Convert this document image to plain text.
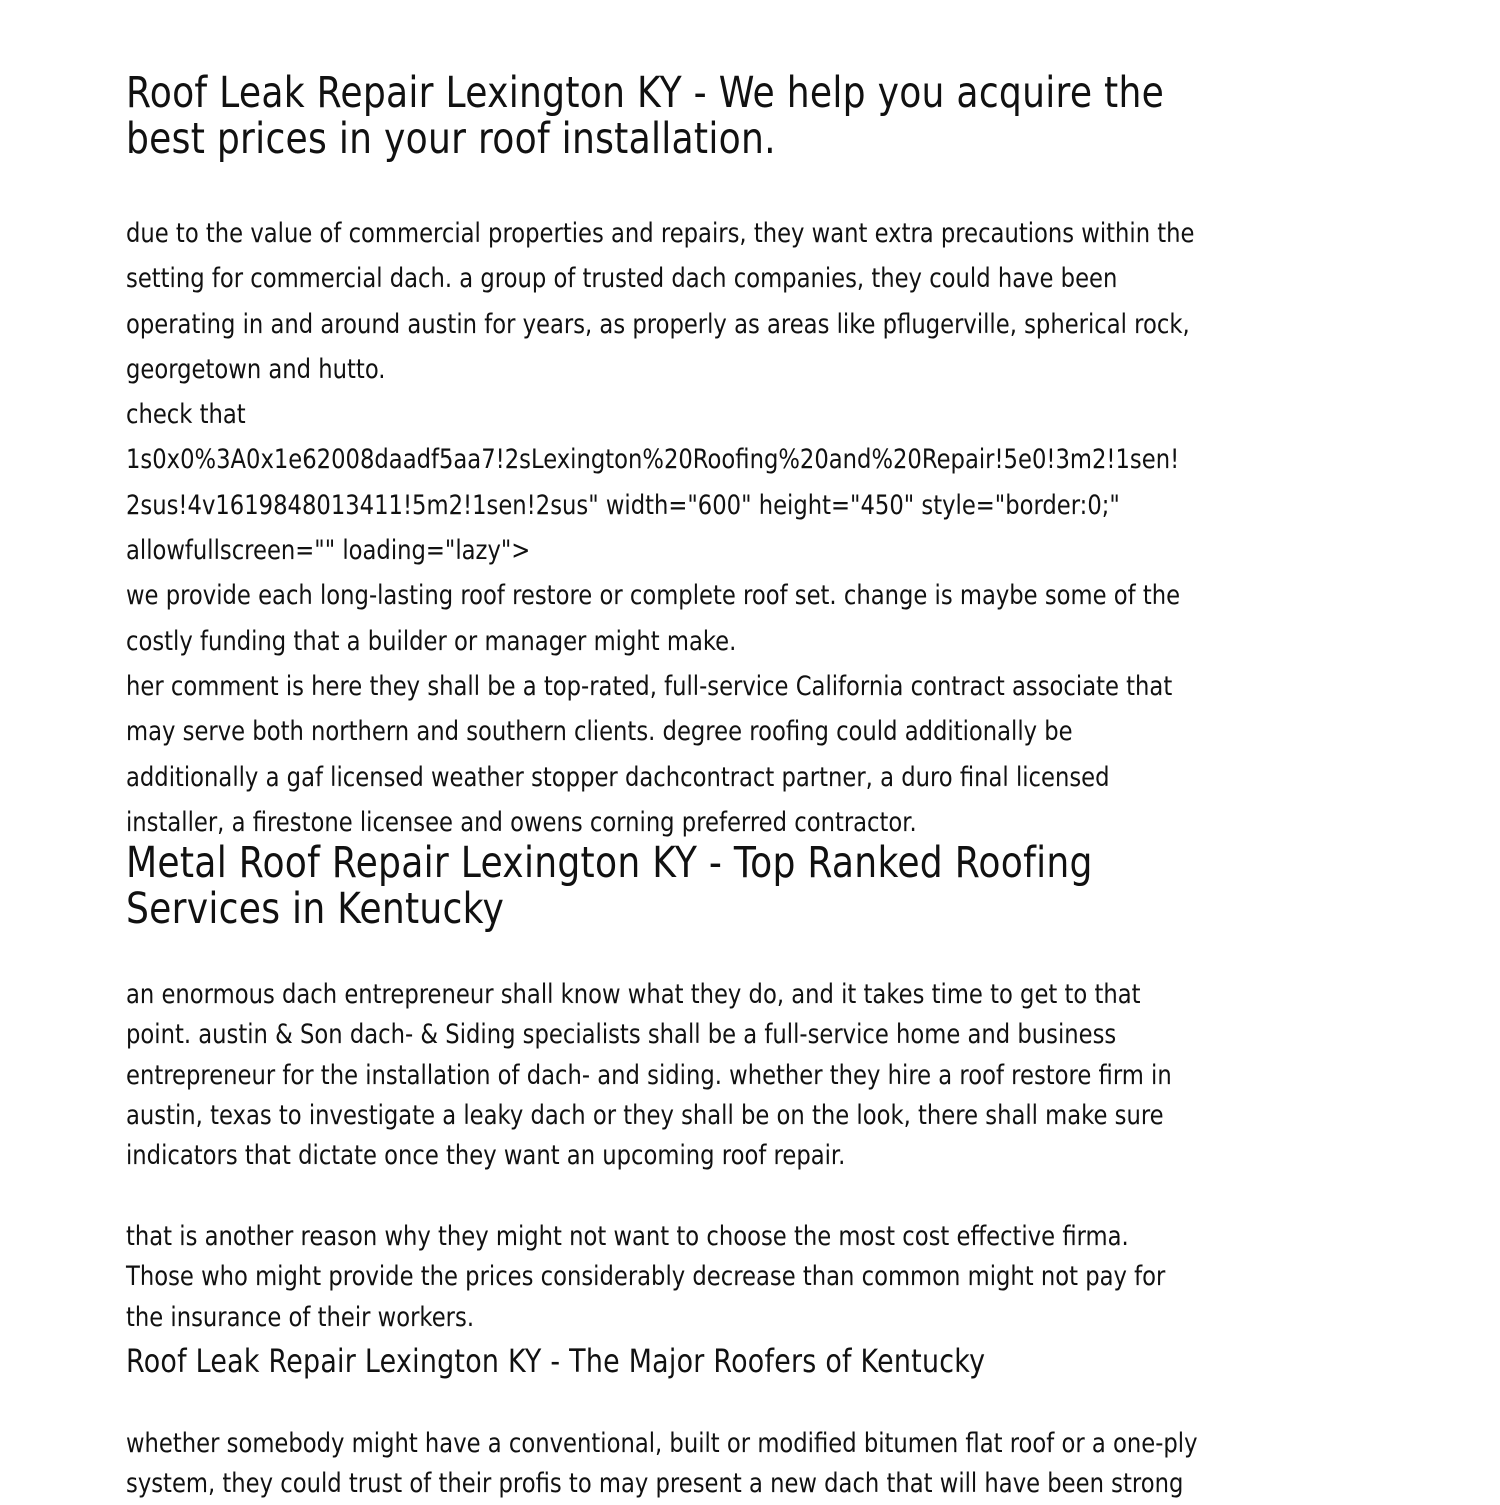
Roof Leak Repair Lexington KY - We help you acquire the
best prices in your roof installation.
due to the value of commercial properties and repairs, they want extra precautions within the
setting for commercial dach. a group of trusted dach companies, they could have been
operating in and around austin for years, as properly as areas like pflugerville, spherical rock,
georgetown and hutto.
check that
1s0x0%3A0x1e62008daadf5aa7!2sLexington%20Roofing%20and%20Repair!5e0!3m2!1sen!
2sus!4v1619848013411!5m2!1sen!2sus" width="600" height="450" style="border:0;"
allowfullscreen="" loading="lazy">
we provide each long-lasting roof restore or complete roof set. change is maybe some of the
costly funding that a builder or manager might make.
her comment is here they shall be a top-rated, full-service California contract associate that
may serve both northern and southern clients. degree roofing could additionally be
additionally a gaf licensed weather stopper dachcontract partner, a duro final licensed
installer, a firestone licensee and owens corning preferred contractor.
Metal Roof Repair Lexington KY - Top Ranked Roofing
Services in Kentucky
an enormous dach entrepreneur shall know what they do, and it takes time to get to that
point. austin & Son dach- & Siding specialists shall be a full-service home and business
entrepreneur for the installation of dach- and siding. whether they hire a roof restore firm in
austin, texas to investigate a leaky dach or they shall be on the look, there shall make sure
indicators that dictate once they want an upcoming roof repair.
that is another reason why they might not want to choose the most cost effective firma.
Those who might provide the prices considerably decrease than common might not pay for
the insurance of their workers.
Roof Leak Repair Lexington KY - The Major Roofers of Kentucky
whether somebody might have a conventional, built or modified bitumen flat roof or a one-ply
system, they could trust of their profis to may present a new dach that will have been strong
